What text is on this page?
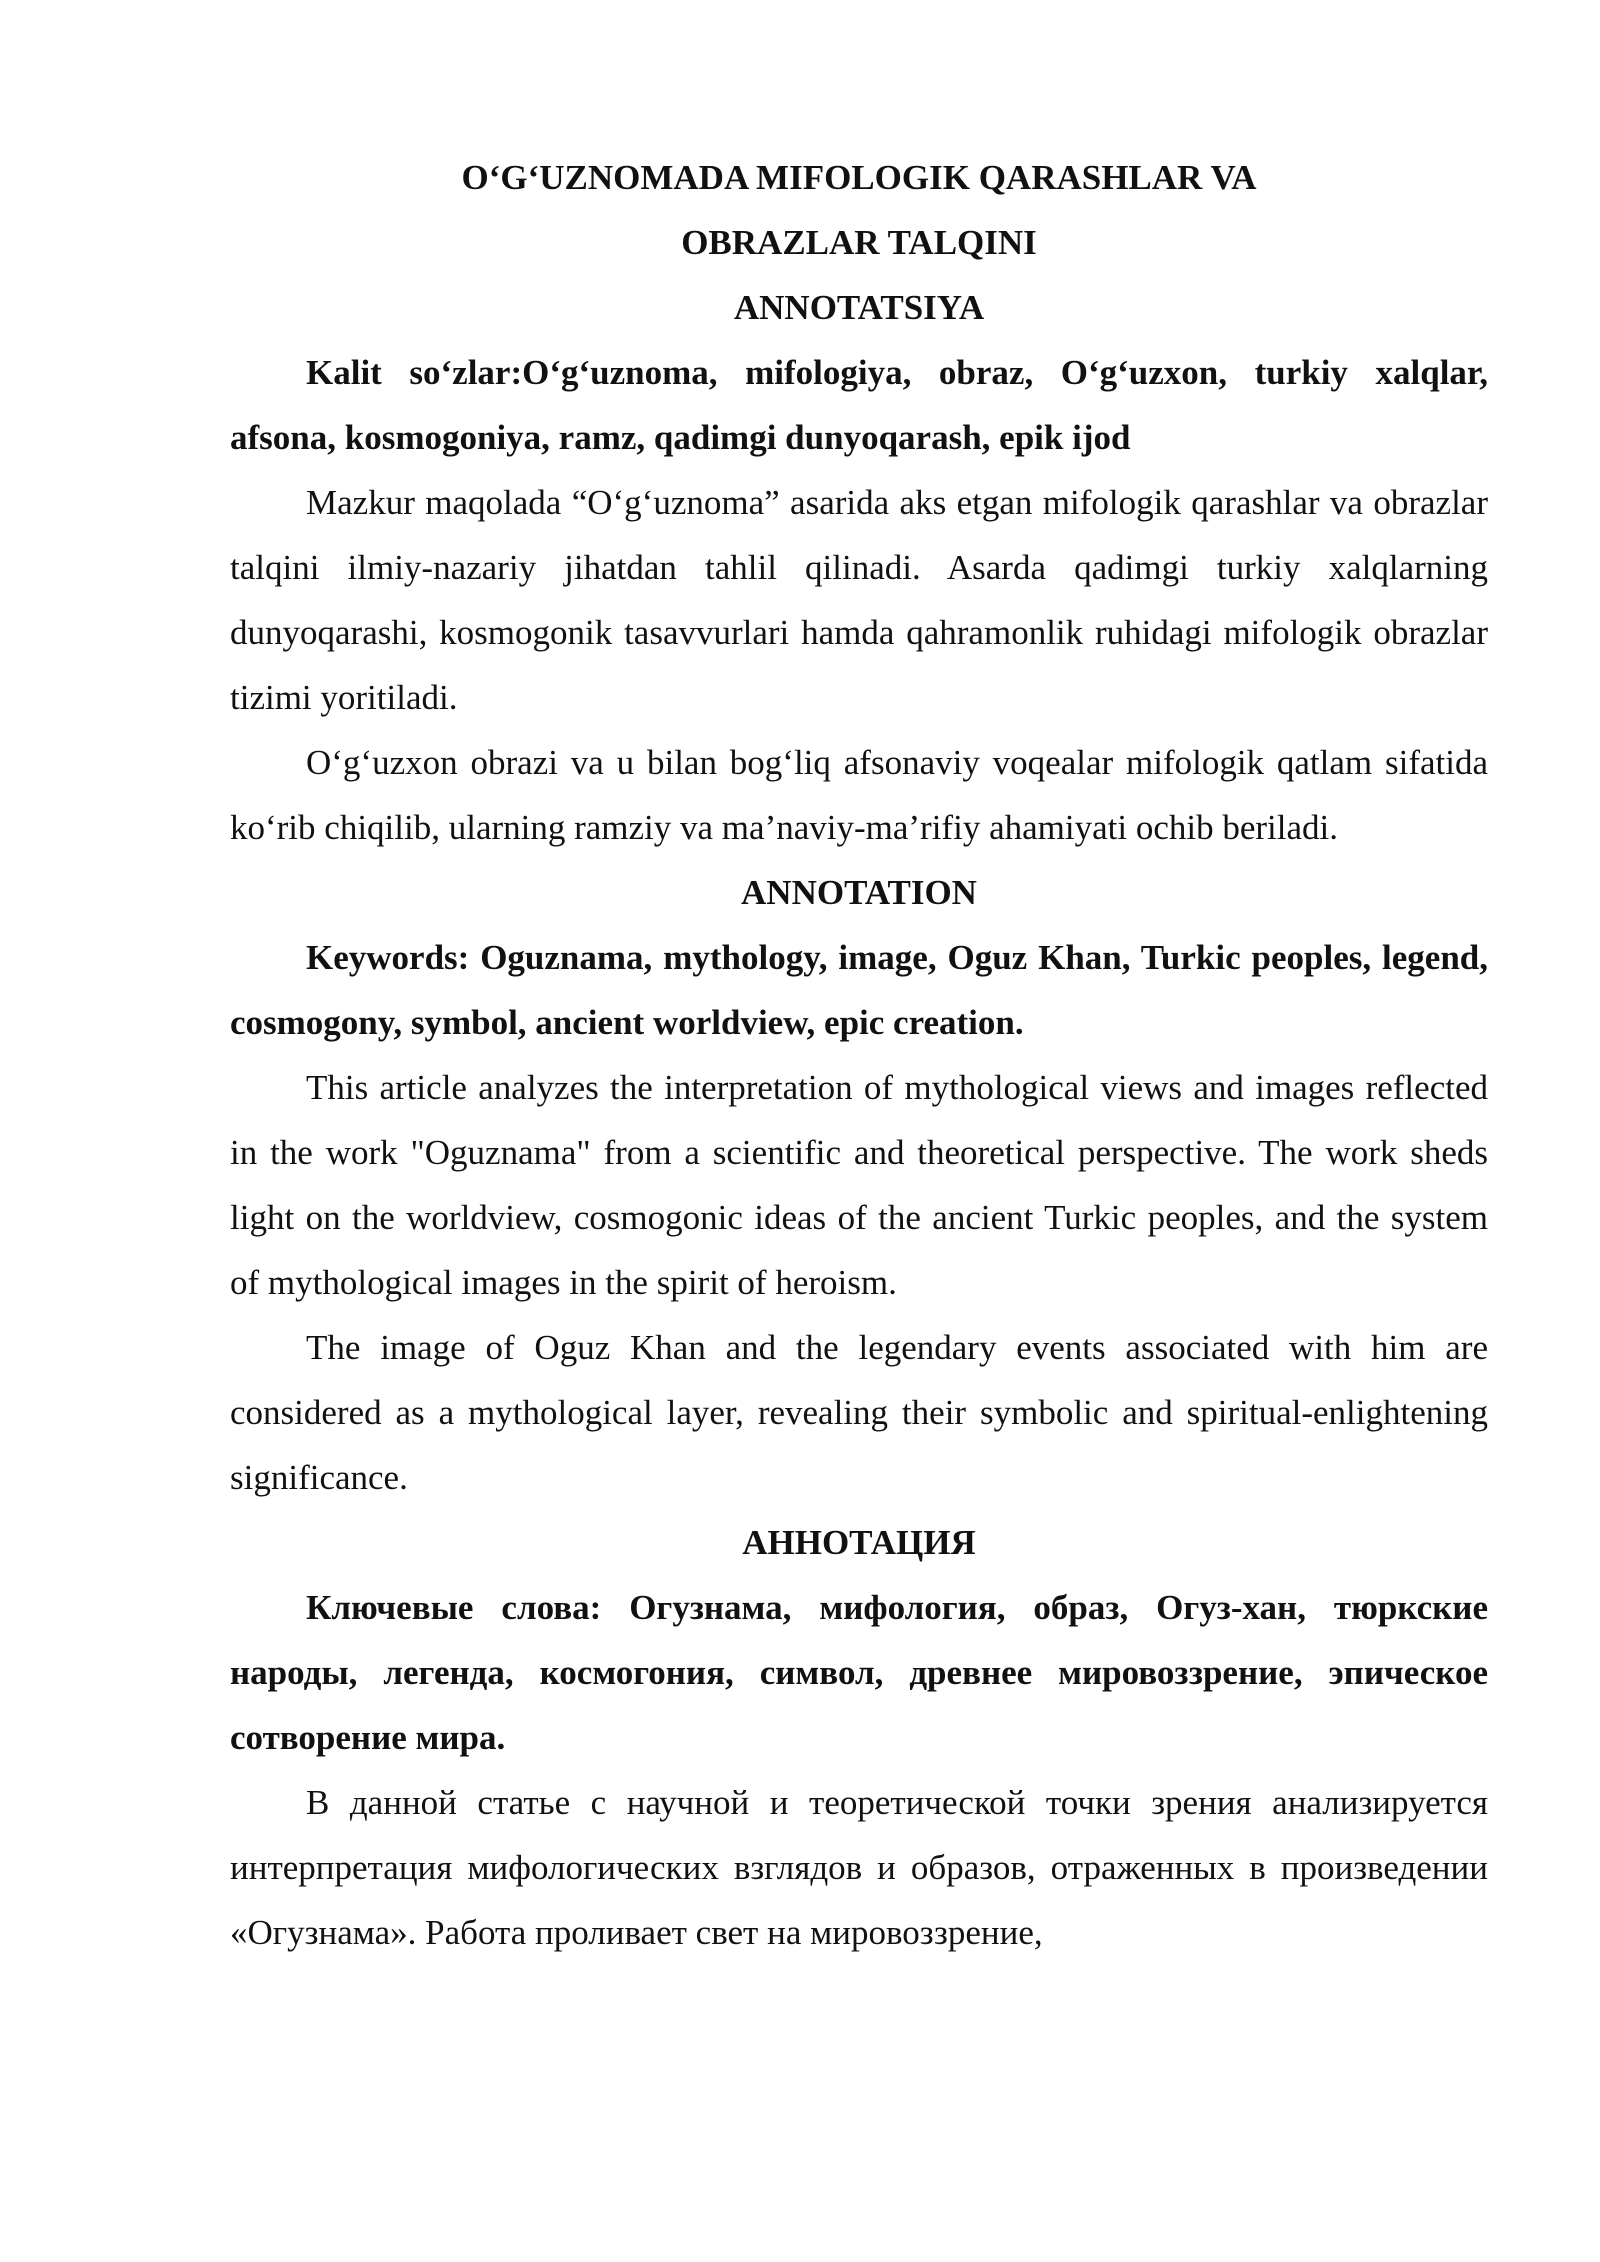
O‘G‘UZNOMADA MIFOLOGIK QARASHLAR VA

OBRAZLAR TALQINI

ANNOTATSIYA

Kalit so‘zlar:O‘g‘uznoma, mifologiya, obraz, O‘g‘uzxon, turkiy xalqlar, afsona, kosmogoniya, ramz, qadimgi dunyoqarash, epik ijod

Mazkur maqolada “O‘g‘uznoma” asarida aks etgan mifologik qarashlar va obrazlar talqini ilmiy-nazariy jihatdan tahlil qilinadi. Asarda qadimgi turkiy xalqlarning dunyoqarashi, kosmogonik tasavvurlari hamda qahramonlik ruhidagi mifologik obrazlar tizimi yoritiladi.

O‘g‘uzxon obrazi va u bilan bog‘liq afsonaviy voqealar mifologik qatlam sifatida ko‘rib chiqilib, ularning ramziy va ma’naviy-ma’rifiy ahamiyati ochib beriladi.

ANNOTATION

Keywords: Oguznama, mythology, image, Oguz Khan, Turkic peoples, legend, cosmogony, symbol, ancient worldview, epic creation.

This article analyzes the interpretation of mythological views and images reflected in the work "Oguznama" from a scientific and theoretical perspective. The work sheds light on the worldview, cosmogonic ideas of the ancient Turkic peoples, and the system of mythological images in the spirit of heroism.

The image of Oguz Khan and the legendary events associated with him are considered as a mythological layer, revealing their symbolic and spiritual-enlightening significance.

АННОТАЦИЯ

Ключевые слова: Огузнама, мифология, образ, Огуз-хан, тюркские народы, легенда, космогония, символ, древнее мировоззрение, эпическое сотворение мира.

В данной статье с научной и теоретической точки зрения анализируется интерпретация мифологических взглядов и образов, отраженных в произведении «Огузнама». Работа проливает свет на мировоззрение,
